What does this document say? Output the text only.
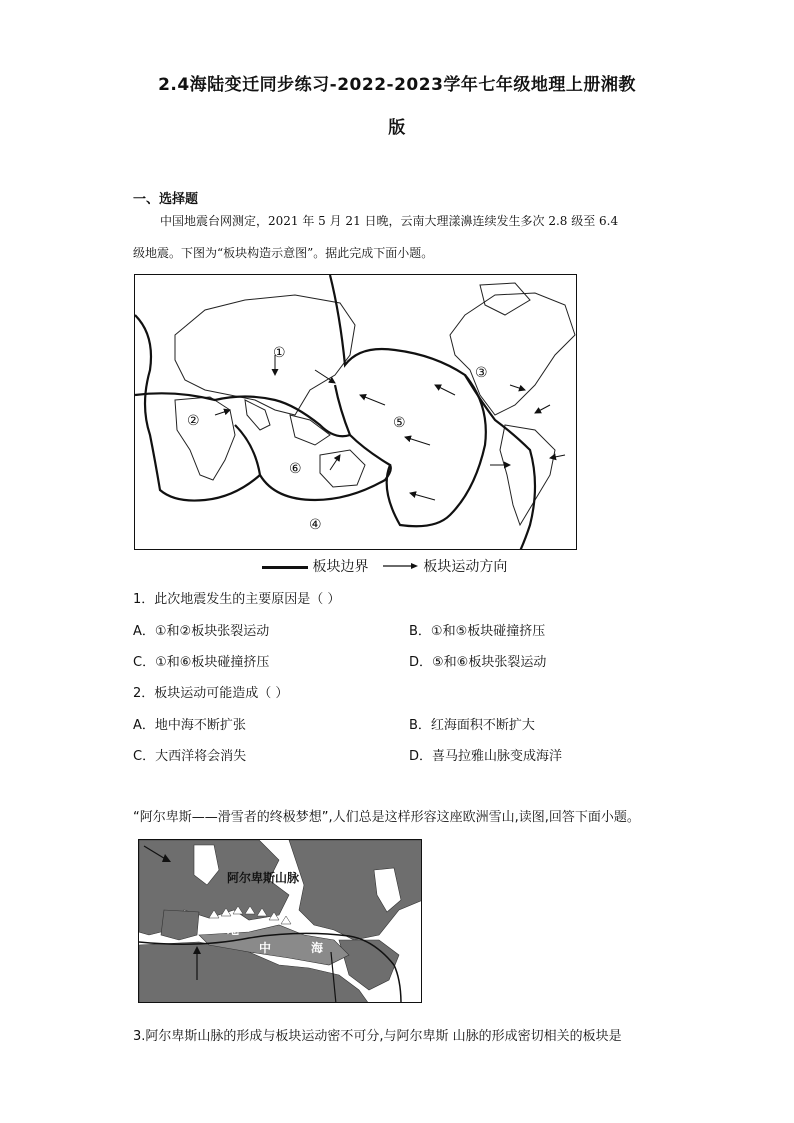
2.4海陆变迁同步练习-2022-2023学年七年级地理上册湘教
版
一、选择题
中国地震台网测定，2021 年 5 月 21 日晚，云南大理漾濞连续发生多次 2.8 级至 6.4
级地震。下图为“板块构造示意图”。据此完成下面小题。
①
②
③
④
⑤
⑥
板块边界	板块运动方向
1．此次地震发生的主要原因是（ ）
A．①和②板块张裂运动	B．①和⑤板块碰撞挤压
C．①和⑥板块碰撞挤压	D．⑤和⑥板块张裂运动
2．板块运动可能造成（ ）
A．地中海不断扩张	B．红海面积不断扩大
C．大西洋将会消失	D．喜马拉雅山脉变成海洋
“阿尔卑斯——滑雪者的终极梦想”,人们总是这样形容这座欧洲雪山,读图,回答下面小题。
阿尔卑斯山脉
地
中	海
3.阿尔卑斯山脉的形成与板块运动密不可分,与阿尔卑斯 山脉的形成密切相关的板块是
